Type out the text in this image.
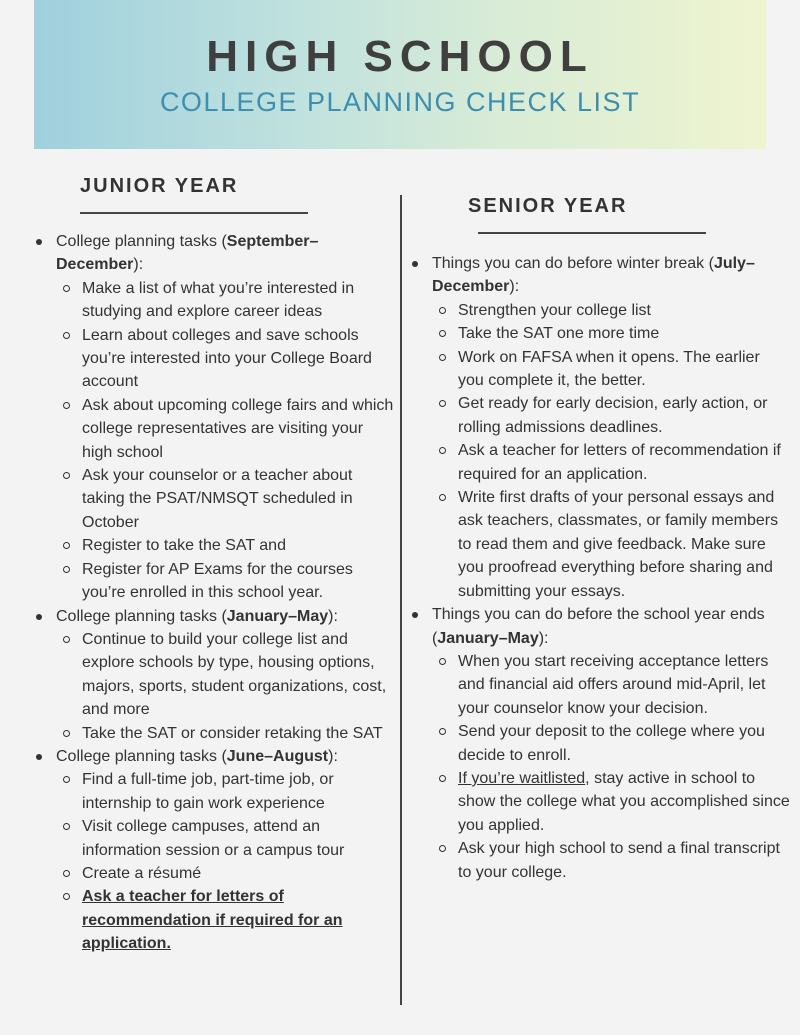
HIGH SCHOOL
COLLEGE PLANNING CHECK LIST
JUNIOR YEAR
College planning tasks (September–December):
Make a list of what you’re interested in studying and explore career ideas
Learn about colleges and save schools you’re interested into your College Board account
Ask about upcoming college fairs and which college representatives are visiting your high school
Ask your counselor or a teacher about taking the PSAT/NMSQT scheduled in October
Register to take the SAT and
Register for AP Exams for the courses you’re enrolled in this school year.
College planning tasks (January–May):
Continue to build your college list and explore schools by type, housing options, majors, sports, student organizations, cost, and more
Take the SAT or consider retaking the SAT
College planning tasks (June–August):
Find a full-time job, part-time job, or internship to gain work experience
Visit college campuses, attend an information session or a campus tour
Create a résumé
Ask a teacher for letters of recommendation if required for an application.
SENIOR YEAR
Things you can do before winter break (July–December):
Strengthen your college list
Take the SAT one more time
Work on FAFSA when it opens. The earlier you complete it, the better.
Get ready for early decision, early action, or rolling admissions deadlines.
Ask a teacher for letters of recommendation if required for an application.
Write first drafts of your personal essays and ask teachers, classmates, or family members to read them and give feedback. Make sure you proofread everything before sharing and submitting your essays.
Things you can do before the school year ends (January–May):
When you start receiving acceptance letters and financial aid offers around mid-April, let your counselor know your decision.
Send your deposit to the college where you decide to enroll.
If you’re waitlisted, stay active in school to show the college what you accomplished since you applied.
Ask your high school to send a final transcript to your college.
